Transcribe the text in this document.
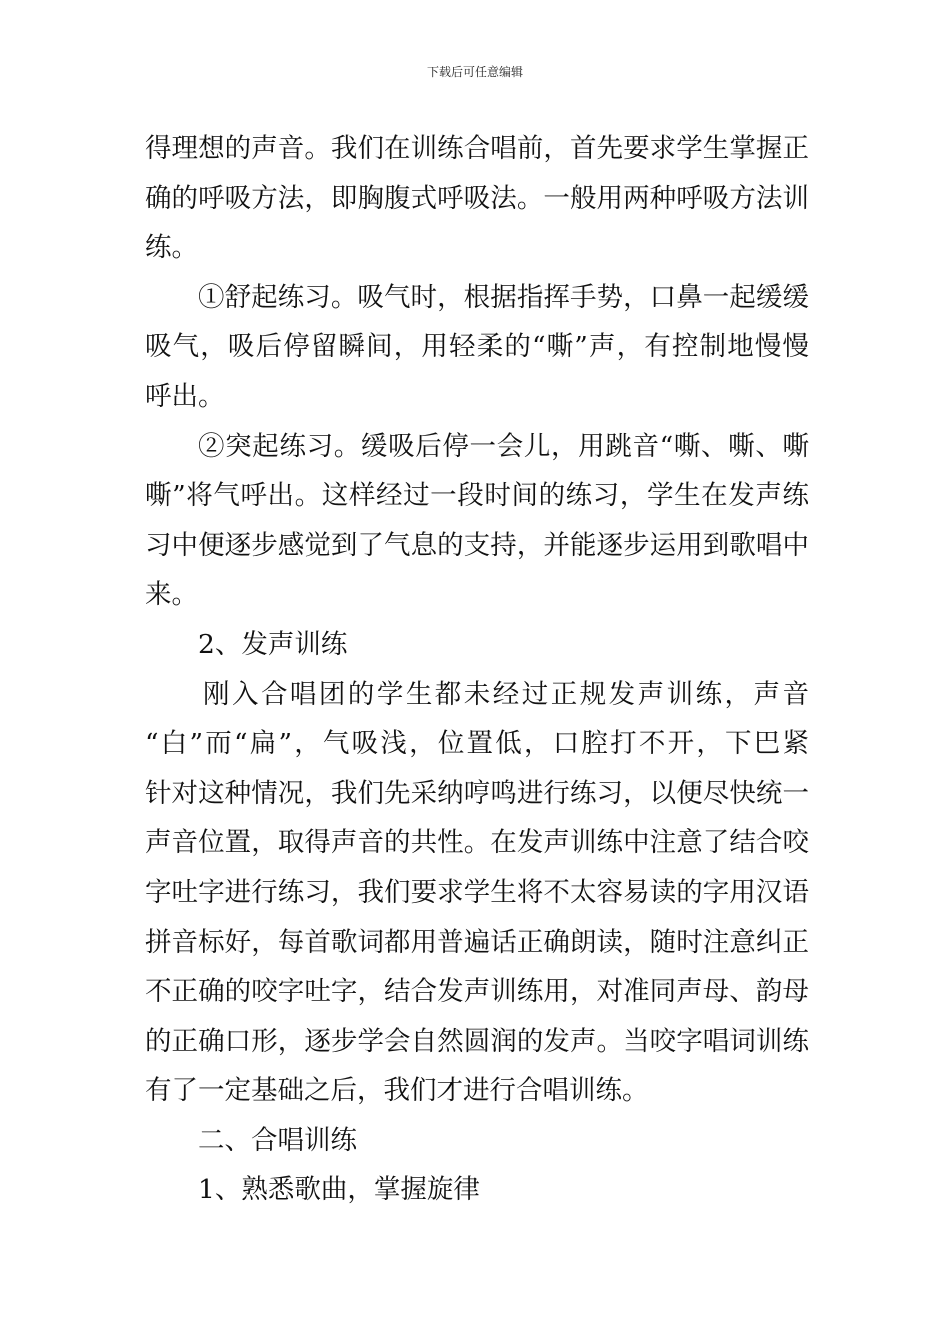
下载后可任意编辑
得理想的声音。我们在训练合唱前，首先要求学生掌握正
确的呼吸方法，即胸腹式呼吸法。一般用两种呼吸方法训
练。
①舒起练习。吸气时，根据指挥手势，口鼻一起缓缓
吸气，吸后停留瞬间，用轻柔的“嘶”声，有控制地慢慢
呼出。
②突起练习。缓吸后停一会儿，用跳音“嘶、嘶、嘶
嘶”将气呼出。这样经过一段时间的练习，学生在发声练
习中便逐步感觉到了气息的支持，并能逐步运用到歌唱中
来。
2、发声训练
刚入合唱团的学生都未经过正规发声训练，声音
“白”而“扁”，气吸浅，位置低，口腔打不开，下巴紧
针对这种情况，我们先采纳哼鸣进行练习，以便尽快统一
声音位置，取得声音的共性。在发声训练中注意了结合咬
字吐字进行练习，我们要求学生将不太容易读的字用汉语
拼音标好，每首歌词都用普遍话正确朗读，随时注意纠正
不正确的咬字吐字，结合发声训练用，对准同声母、韵母
的正确口形，逐步学会自然圆润的发声。当咬字唱词训练
有了一定基础之后，我们才进行合唱训练。
二、合唱训练
1、熟悉歌曲，掌握旋律
